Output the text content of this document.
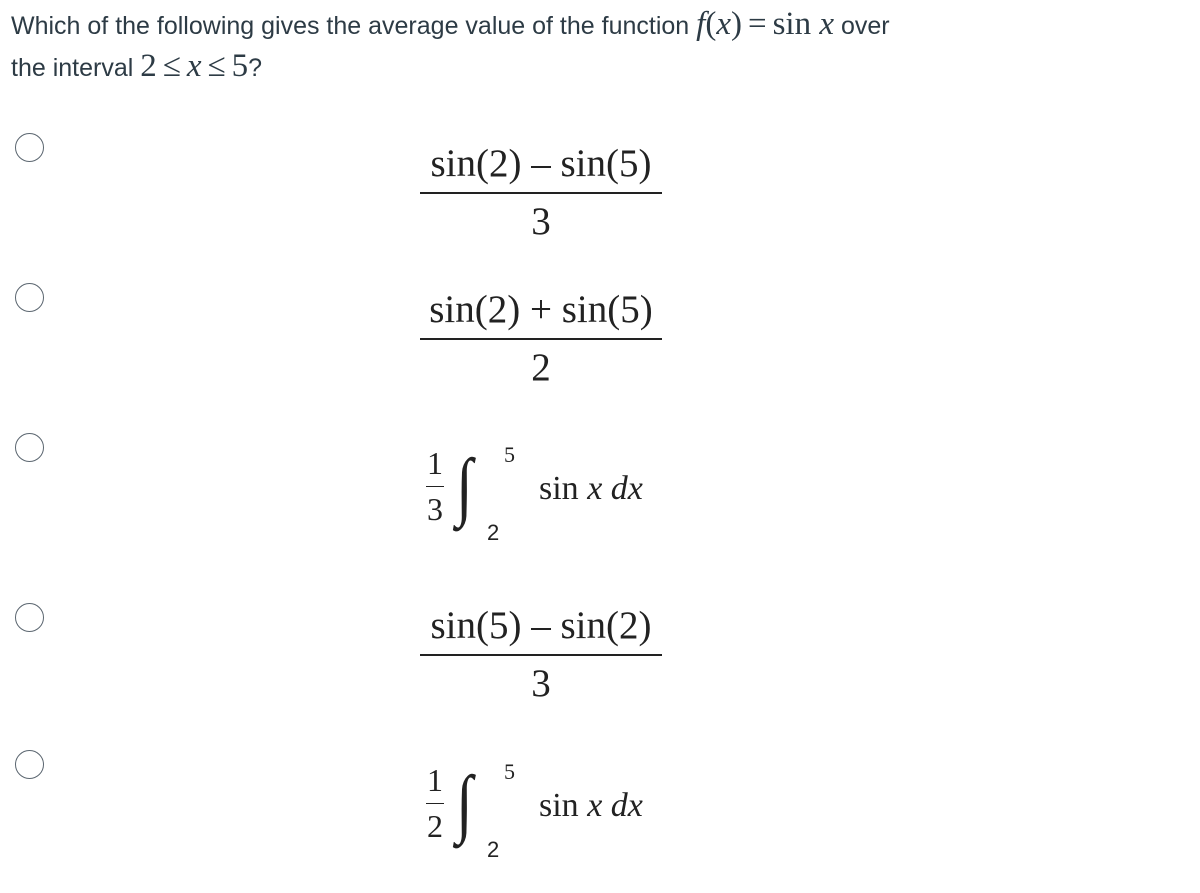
Which of the following gives the average value of the function f(x) = sin x over
the interval 2 ≤ x ≤ 5?
sin(2) – sin(5)
3
sin(2) + sin(5)
2
1
3 ∫ 5
2
sin x dx
sin(5) – sin(2)
3
1
2 ∫ 5
2
sin x dx
